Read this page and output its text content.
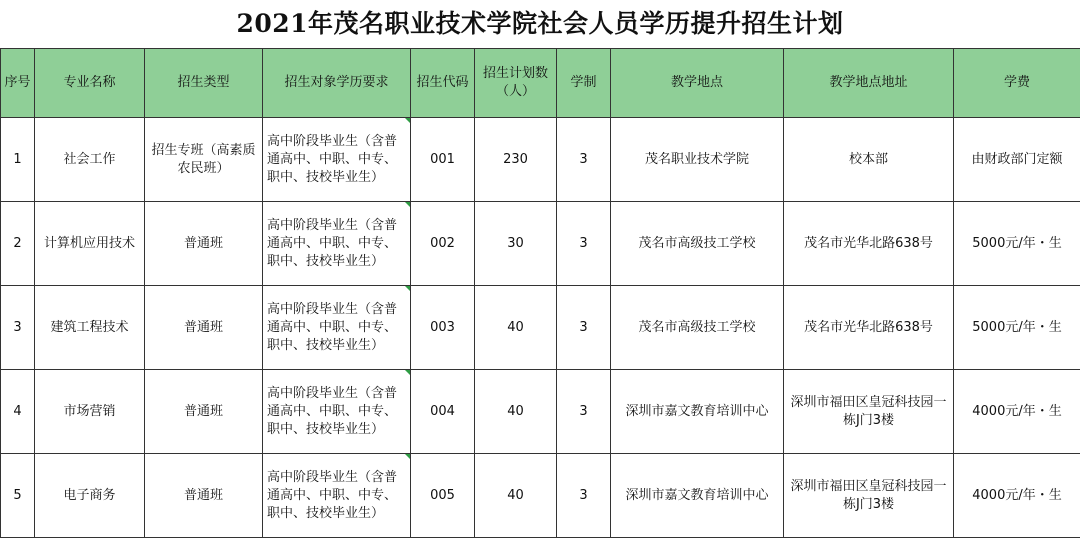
2021年茂名职业技术学院社会人员学历提升招生计划
序号	专业名称	招生类型	招生对象学历要求	招生代码	招生计划数（人）	学制	教学地点	教学地点地址	学费
1	社会工作	招生专班（高素质农民班）	高中阶段毕业生（含普通高中、中职、中专、职中、技校毕业生）	001	230	3	茂名职业技术学院	校本部	由财政部门定额
2	计算机应用技术	普通班	高中阶段毕业生（含普通高中、中职、中专、职中、技校毕业生）	002	30	3	茂名市高级技工学校	茂名市光华北路638号	5000元/年・生
3	建筑工程技术	普通班	高中阶段毕业生（含普通高中、中职、中专、职中、技校毕业生）	003	40	3	茂名市高级技工学校	茂名市光华北路638号	5000元/年・生
4	市场营销	普通班	高中阶段毕业生（含普通高中、中职、中专、职中、技校毕业生）	004	40	3	深圳市嘉文教育培训中心	深圳市福田区皇冠科技园一栋J门3楼	4000元/年・生
5	电子商务	普通班	高中阶段毕业生（含普通高中、中职、中专、职中、技校毕业生）	005	40	3	深圳市嘉文教育培训中心	深圳市福田区皇冠科技园一栋J门3楼	4000元/年・生
